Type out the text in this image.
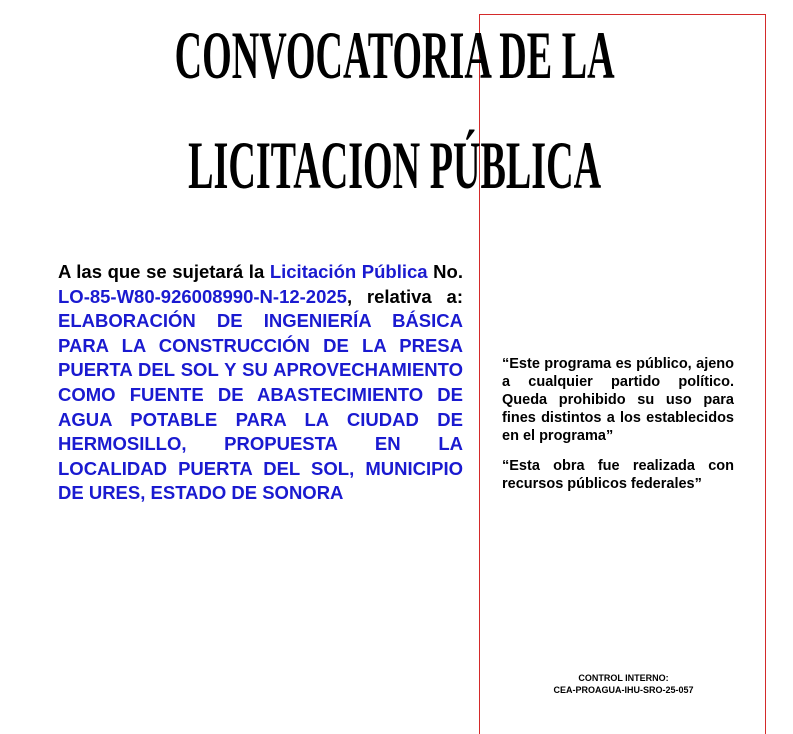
CONVOCATORIA DE LA
LICITACION PÚBLICA
A las que se sujetará la Licitación Pública No. LO-85-W80-926008990-N-12-2025, relativa a: ELABORACIÓN DE INGENIERÍA BÁSICA PARA LA CONSTRUCCIÓN DE LA PRESA PUERTA DEL SOL Y SU APROVECHAMIENTO COMO FUENTE DE ABASTECIMIENTO DE AGUA POTABLE PARA LA CIUDAD DE HERMOSILLO, PROPUESTA EN LA LOCALIDAD PUERTA DEL SOL, MUNICIPIO DE URES, ESTADO DE SONORA

“Este programa es público, ajeno a cualquier partido político. Queda prohibido su uso para fines distintos a los establecidos en el programa”

“Esta obra fue realizada con recursos públicos federales”

CONTROL INTERNO:
CEA-PROAGUA-IHU-SRO-25-057
